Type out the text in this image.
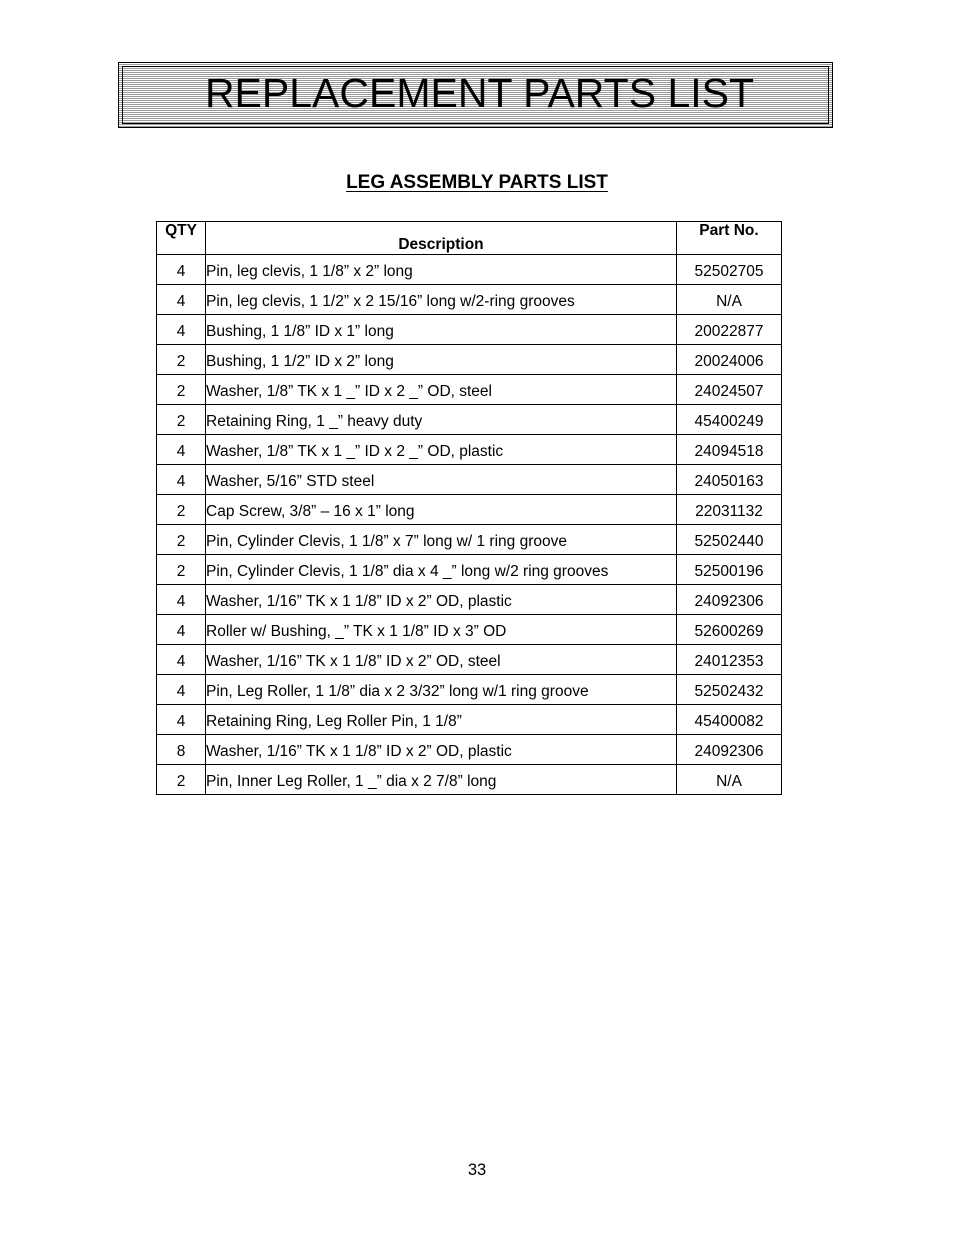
REPLACEMENT PARTS LIST
LEG ASSEMBLY PARTS LIST
QTY	Description	Part No.
4	Pin, leg clevis, 1 1/8” x 2” long	52502705
4	Pin, leg clevis, 1 1/2” x 2 15/16” long w/2-ring grooves	N/A
4	Bushing, 1 1/8” ID x 1” long	20022877
2	Bushing, 1 1/2” ID x 2” long	20024006
2	Washer, 1/8” TK x 1 _” ID x 2 _” OD, steel	24024507
2	Retaining Ring, 1 _” heavy duty	45400249
4	Washer, 1/8” TK x 1 _” ID x 2 _” OD, plastic	24094518
4	Washer, 5/16” STD steel	24050163
2	Cap Screw, 3/8” – 16 x 1” long	22031132
2	Pin, Cylinder Clevis, 1 1/8” x 7” long w/ 1 ring groove	52502440
2	Pin, Cylinder Clevis, 1 1/8” dia x 4 _” long w/2 ring grooves	52500196
4	Washer, 1/16” TK x 1 1/8” ID x 2” OD, plastic	24092306
4	Roller w/ Bushing, _” TK x 1 1/8” ID x 3” OD	52600269
4	Washer, 1/16” TK x 1 1/8” ID x 2” OD, steel	24012353
4	Pin, Leg Roller, 1 1/8” dia x 2 3/32” long w/1 ring groove	52502432
4	Retaining Ring, Leg Roller Pin, 1 1/8”	45400082
8	Washer, 1/16” TK x 1 1/8” ID x 2” OD, plastic	24092306
2	Pin, Inner Leg Roller, 1 _” dia x 2 7/8” long	N/A
33
